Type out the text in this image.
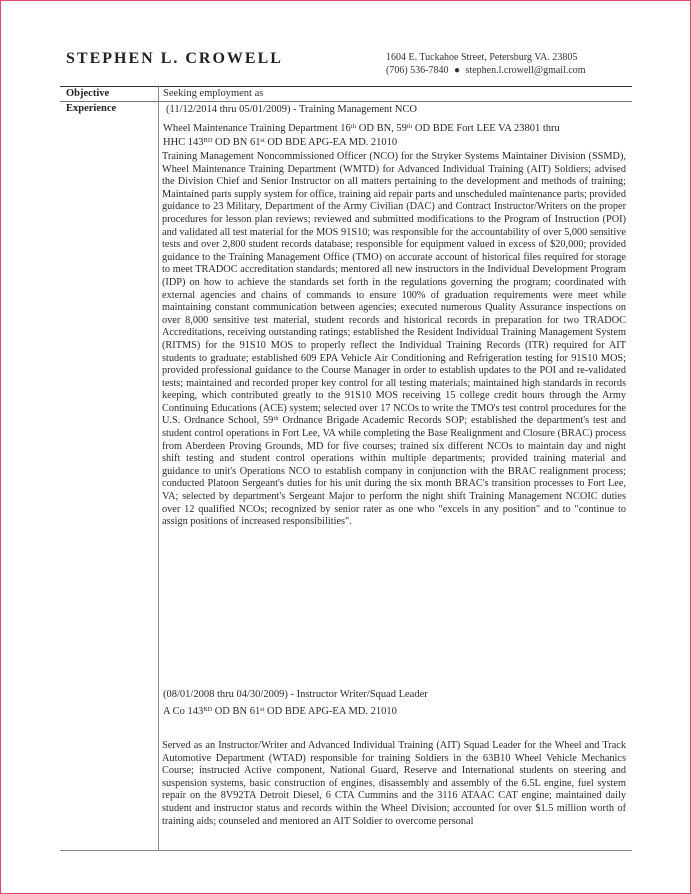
STEPHEN L. CROWELL	1604 E. Tuckahoe Street, Petersburg VA. 23805
(706) 536-7840 ● stephen.l.crowell@gmail.com
Objective	Seeking employment as
Experience	(11/12/2014 thru 05/01/2009) - Training Management NCO
Wheel Maintenance Training Department 16ᵗʰ OD BN, 59ᵗʰ OD BDE Fort LEE VA 23801 thru
HHC 143ᴿᴰ OD BN 61ˢᵗ OD BDE APG-EA MD. 21010
Training Management Noncommissioned Officer (NCO) for the Stryker Systems Maintainer Division (SSMD), Wheel Maintenance Training Department (WMTD) for Advanced Individual Training (AIT) Soldiers; advised the Division Chief and Senior Instructor on all matters pertaining to the development and methods of training; Maintained parts supply system for office, training aid repair parts and unscheduled maintenance parts; provided guidance to 23 Military, Department of the Army Civilian (DAC) and Contract Instructor/Writers on the proper procedures for lesson plan reviews; reviewed and submitted modifications to the Program of Instruction (POI) and validated all test material for the MOS 91S10; was responsible for the accountability of over 5,000 sensitive tests and over 2,800 student records database; responsible for equipment valued in excess of $20,000; provided guidance to the Training Management Office (TMO) on accurate account of historical files required for storage to meet TRADOC accreditation standards; mentored all new instructors in the Individual Development Program (IDP) on how to achieve the standards set forth in the regulations governing the program; coordinated with external agencies and chains of commands to ensure 100% of graduation requirements were meet while maintaining constant communication between agencies; executed numerous Quality Assurance inspections on over 8,000 sensitive test material, student records and historical records in preparation for two TRADOC Accreditations, receiving outstanding ratings; established the Resident Individual Training Management System (RITMS) for the 91S10 MOS to properly reflect the Individual Training Records (ITR) required for AIT students to graduate; established 609 EPA Vehicle Air Conditioning and Refrigeration testing for 91S10 MOS; provided professional guidance to the Course Manager in order to establish updates to the POI and re-validated tests; maintained and recorded proper key control for all testing materials; maintained high standards in records keeping, which contributed greatly to the 91S10 MOS receiving 15 college credit hours through the Army Continuing Educations (ACE) system; selected over 17 NCOs to write the TMO's test control procedures for the U.S. Ordnance School, 59ᵗʰ Ordnance Brigade Academic Records SOP; established the department's test and student control operations in Fort Lee, VA while completing the Base Realignment and Closure (BRAC) process from Aberdeen Proving Grounds, MD for five courses; trained six different NCOs to maintain day and night shift testing and student control operations within multiple departments; provided training material and guidance to unit's Operations NCO to establish company in conjunction with the BRAC realignment process; conducted Platoon Sergeant's duties for his unit during the six month BRAC's transition processes to Fort Lee, VA; selected by department's Sergeant Major to perform the night shift Training Management NCOIC duties over 12 qualified NCOs; recognized by senior rater as one who "excels in any position" and to "continue to assign positions of increased responsibilities".
(08/01/2008 thru 04/30/2009) - Instructor Writer/Squad Leader
A Co 143ᴿᴰ OD BN 61ˢᵗ OD BDE APG-EA MD. 21010
Served as an Instructor/Writer and Advanced Individual Training (AIT) Squad Leader for the Wheel and Track Automotive Department (WTAD) responsible for training Soldiers in the 63B10 Wheel Vehicle Mechanics Course; instructed Active component, National Guard, Reserve and International students on steering and suspension systems, basic construction of engines, disassembly and assembly of the 6.5L engine, fuel system repair on the 8V92TA Detroit Diesel, 6 CTA Cummins and the 3116 ATAAC CAT engine; maintained daily student and instructor status and records within the Wheel Division; accounted for over $1.5 million worth of training aids; counseled and mentored an AIT Soldier to overcome personal
